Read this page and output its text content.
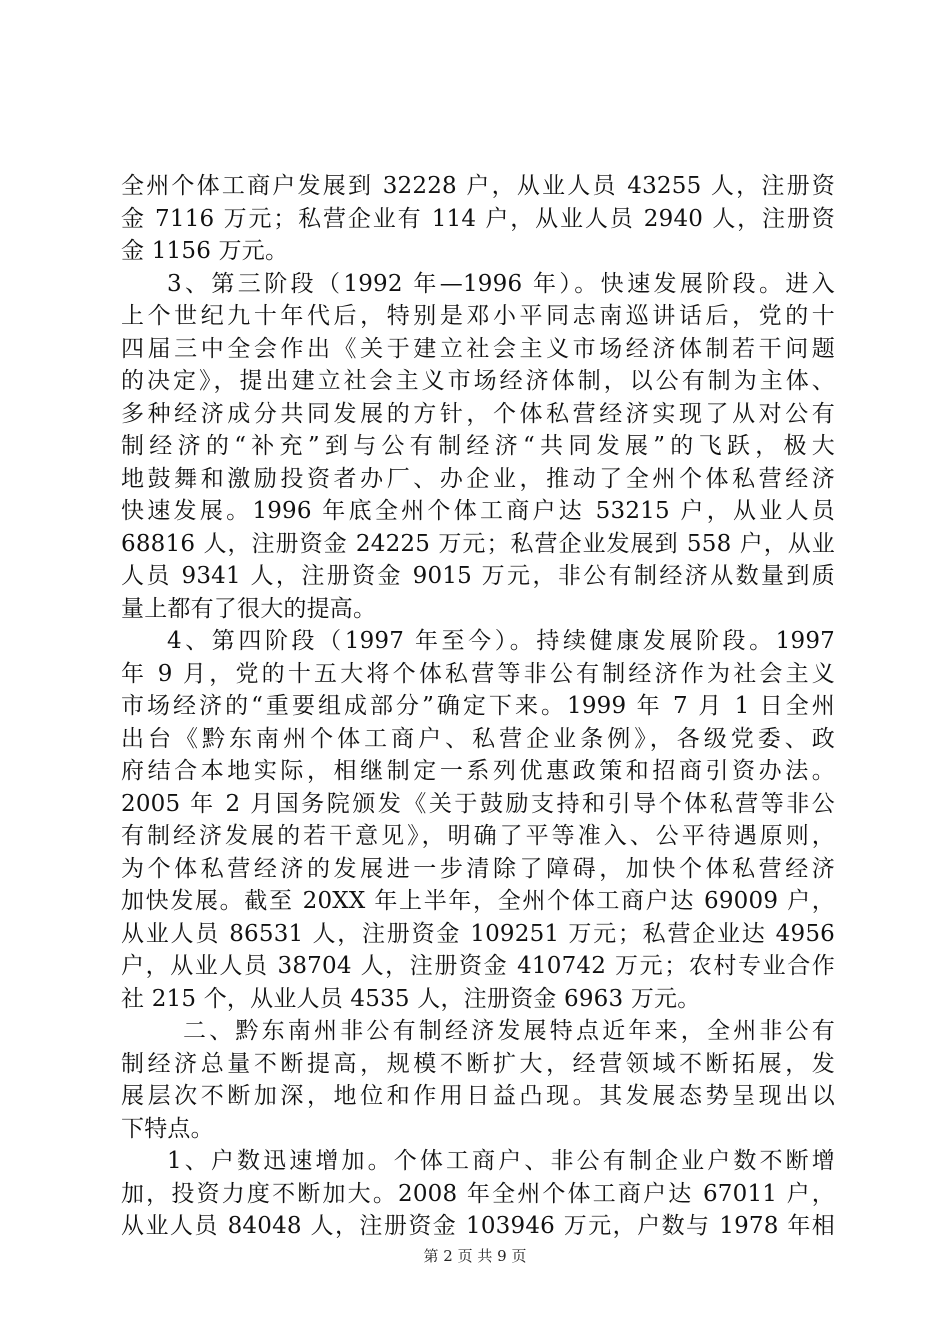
全州个体工商户发展到 32228 户，从业人员 43255 人，注册资
金 7116 万元；私营企业有 114 户，从业人员 2940 人，注册资
金 1156 万元。
3、第三阶段（1992 年—1996 年）。快速发展阶段。进入
上个世纪九十年代后，特别是邓小平同志南巡讲话后，党的十
四届三中全会作出《关于建立社会主义市场经济体制若干问题
的决定》，提出建立社会主义市场经济体制，以公有制为主体、
多种经济成分共同发展的方针，个体私营经济实现了从对公有
制经济的“补充”到与公有制经济“共同发展”的飞跃，极大
地鼓舞和激励投资者办厂、办企业，推动了全州个体私营经济
快速发展。1996 年底全州个体工商户达 53215 户，从业人员
68816 人，注册资金 24225 万元；私营企业发展到 558 户，从业
人员 9341 人，注册资金 9015 万元，非公有制经济从数量到质
量上都有了很大的提高。
4、第四阶段（1997 年至今）。持续健康发展阶段。1997
年 9 月，党的十五大将个体私营等非公有制经济作为社会主义
市场经济的“重要组成部分”确定下来。1999 年 7 月 1 日全州
出台《黔东南州个体工商户、私营企业条例》，各级党委、政
府结合本地实际，相继制定一系列优惠政策和招商引资办法。
2005 年 2 月国务院颁发《关于鼓励支持和引导个体私营等非公
有制经济发展的若干意见》，明确了平等准入、公平待遇原则，
为个体私营经济的发展进一步清除了障碍，加快个体私营经济
加快发展。截至 20XX 年上半年，全州个体工商户达 69009 户，
从业人员 86531 人，注册资金 109251 万元；私营企业达 4956
户，从业人员 38704 人，注册资金 410742 万元；农村专业合作
社 215 个，从业人员 4535 人，注册资金 6963 万元。
二、黔东南州非公有制经济发展特点近年来，全州非公有
制经济总量不断提高，规模不断扩大，经营领域不断拓展，发
展层次不断加深，地位和作用日益凸现。其发展态势呈现出以
下特点。
1、户数迅速增加。个体工商户、非公有制企业户数不断增
加，投资力度不断加大。2008 年全州个体工商户达 67011 户，
从业人员 84048 人，注册资金 103946 万元，户数与 1978 年相
第 2 页 共 9 页
